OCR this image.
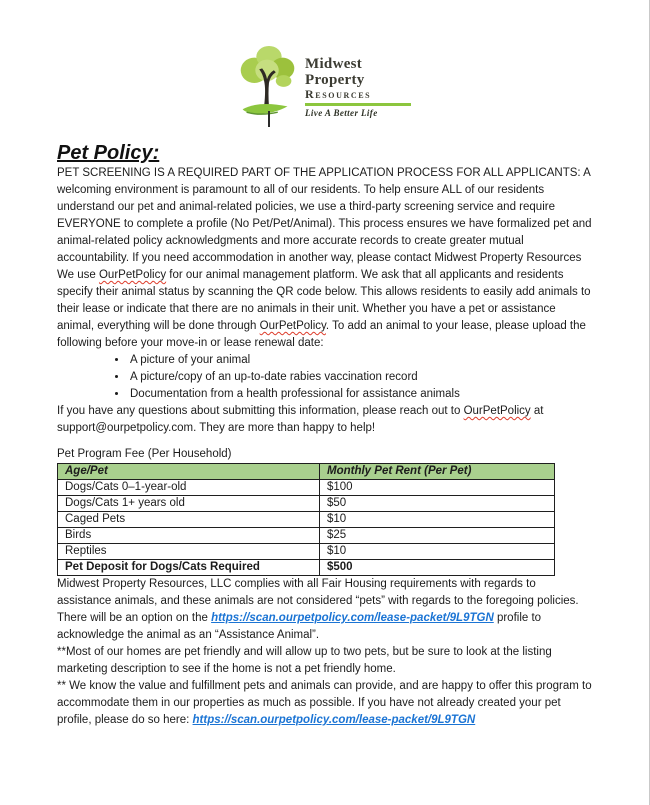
Midwest
Property
Resources
Live A Better Life
Pet Policy:

PET SCREENING IS A REQUIRED PART OF THE APPLICATION PROCESS FOR ALL APPLICANTS: A welcoming environment is paramount to all of our residents. To help ensure ALL of our residents understand our pet and animal-related policies, we use a third-party screening service and require EVERYONE to complete a profile (No Pet/Pet/Animal). This process ensures we have formalized pet and animal-related policy acknowledgments and more accurate records to create greater mutual accountability. If you need accommodation in another way, please contact Midwest Property Resources

We use OurPetPolicy for our animal management platform. We ask that all applicants and residents specify their animal status by scanning the QR code below. This allows residents to easily add animals to their lease or indicate that there are no animals in their unit. Whether you have a pet or assistance animal, everything will be done through OurPetPolicy. To add an animal to your lease, please upload the following before your move-in or lease renewal date:

• A picture of your animal
• A picture/copy of an up-to-date rabies vaccination record
• Documentation from a health professional for assistance animals

If you have any questions about submitting this information, please reach out to OurPetPolicy at support@ourpetpolicy.com. They are more than happy to help!

Pet Program Fee (Per Household)
Age/Pet	Monthly Pet Rent (Per Pet)
Dogs/Cats 0–1-year-old	$100
Dogs/Cats 1+ years old	$50
Caged Pets	$10
Birds	$25
Reptiles	$10
Pet Deposit for Dogs/Cats Required	$500

Midwest Property Resources, LLC complies with all Fair Housing requirements with regards to assistance animals, and these animals are not considered “pets” with regards to the foregoing policies. There will be an option on the https://scan.ourpetpolicy.com/lease-packet/9L9TGN profile to acknowledge the animal as an “Assistance Animal”.

**Most of our homes are pet friendly and will allow up to two pets, but be sure to look at the listing marketing description to see if the home is not a pet friendly home.

** We know the value and fulfillment pets and animals can provide, and are happy to offer this program to accommodate them in our properties as much as possible. If you have not already created your pet profile, please do so here: https://scan.ourpetpolicy.com/lease-packet/9L9TGN
